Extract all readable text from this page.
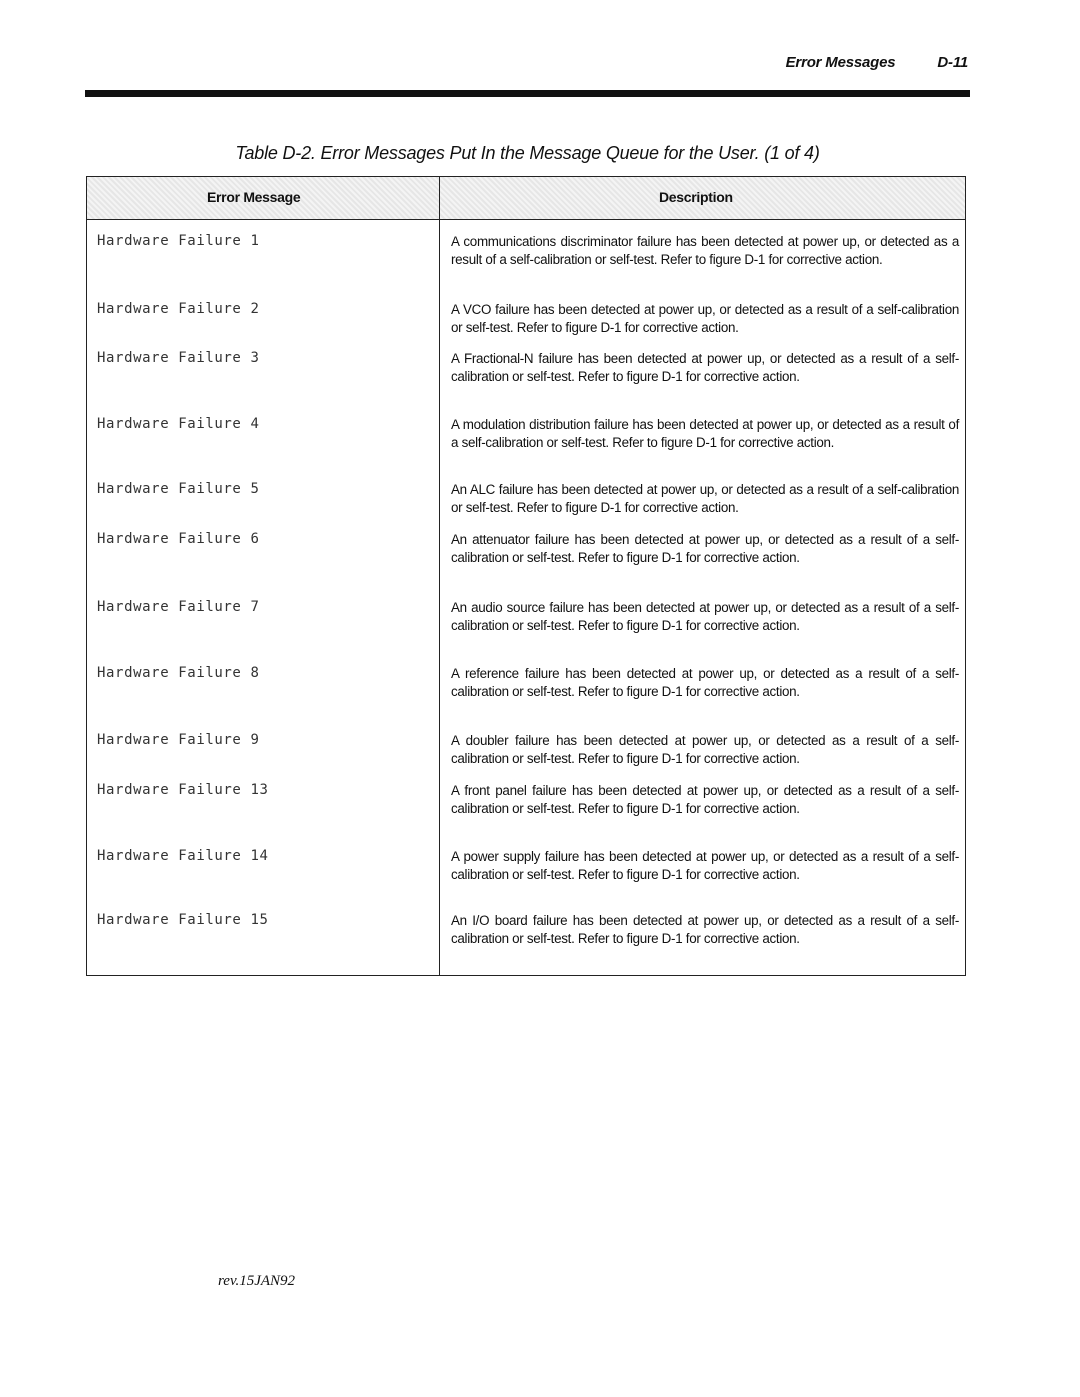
Error Messages	D-11
Table D-2. Error Messages Put In the Message Queue for the User. (1 of 4)
Error Message	Description
Hardware Failure 1	A communications discriminator failure has been detected at power up, or detected as a result of a self-calibration or self-test. Refer to figure D-1 for corrective action.
Hardware Failure 2	A VCO failure has been detected at power up, or detected as a result of a self-calibration or self-test. Refer to figure D-1 for corrective action.
Hardware Failure 3	A Fractional-N failure has been detected at power up, or detected as a result of a self-calibration or self-test. Refer to figure D-1 for corrective action.
Hardware Failure 4	A modulation distribution failure has been detected at power up, or detected as a result of a self-calibration or self-test. Refer to figure D-1 for corrective action.
Hardware Failure 5	An ALC failure has been detected at power up, or detected as a result of a self-calibration or self-test. Refer to figure D-1 for corrective action.
Hardware Failure 6	An attenuator failure has been detected at power up, or detected as a result of a self-calibration or self-test. Refer to figure D-1 for corrective action.
Hardware Failure 7	An audio source failure has been detected at power up, or detected as a result of a self-calibration or self-test. Refer to figure D-1 for corrective action.
Hardware Failure 8	A reference failure has been detected at power up, or detected as a result of a self-calibration or self-test. Refer to figure D-1 for corrective action.
Hardware Failure 9	A doubler failure has been detected at power up, or detected as a result of a self-calibration or self-test. Refer to figure D-1 for corrective action.
Hardware Failure 13	A front panel failure has been detected at power up, or detected as a result of a self-calibration or self-test. Refer to figure D-1 for corrective action.
Hardware Failure 14	A power supply failure has been detected at power up, or detected as a result of a self-calibration or self-test. Refer to figure D-1 for corrective action.
Hardware Failure 15	An I/O board failure has been detected at power up, or detected as a result of a self-calibration or self-test. Refer to figure D-1 for corrective action.
rev.15JAN92
